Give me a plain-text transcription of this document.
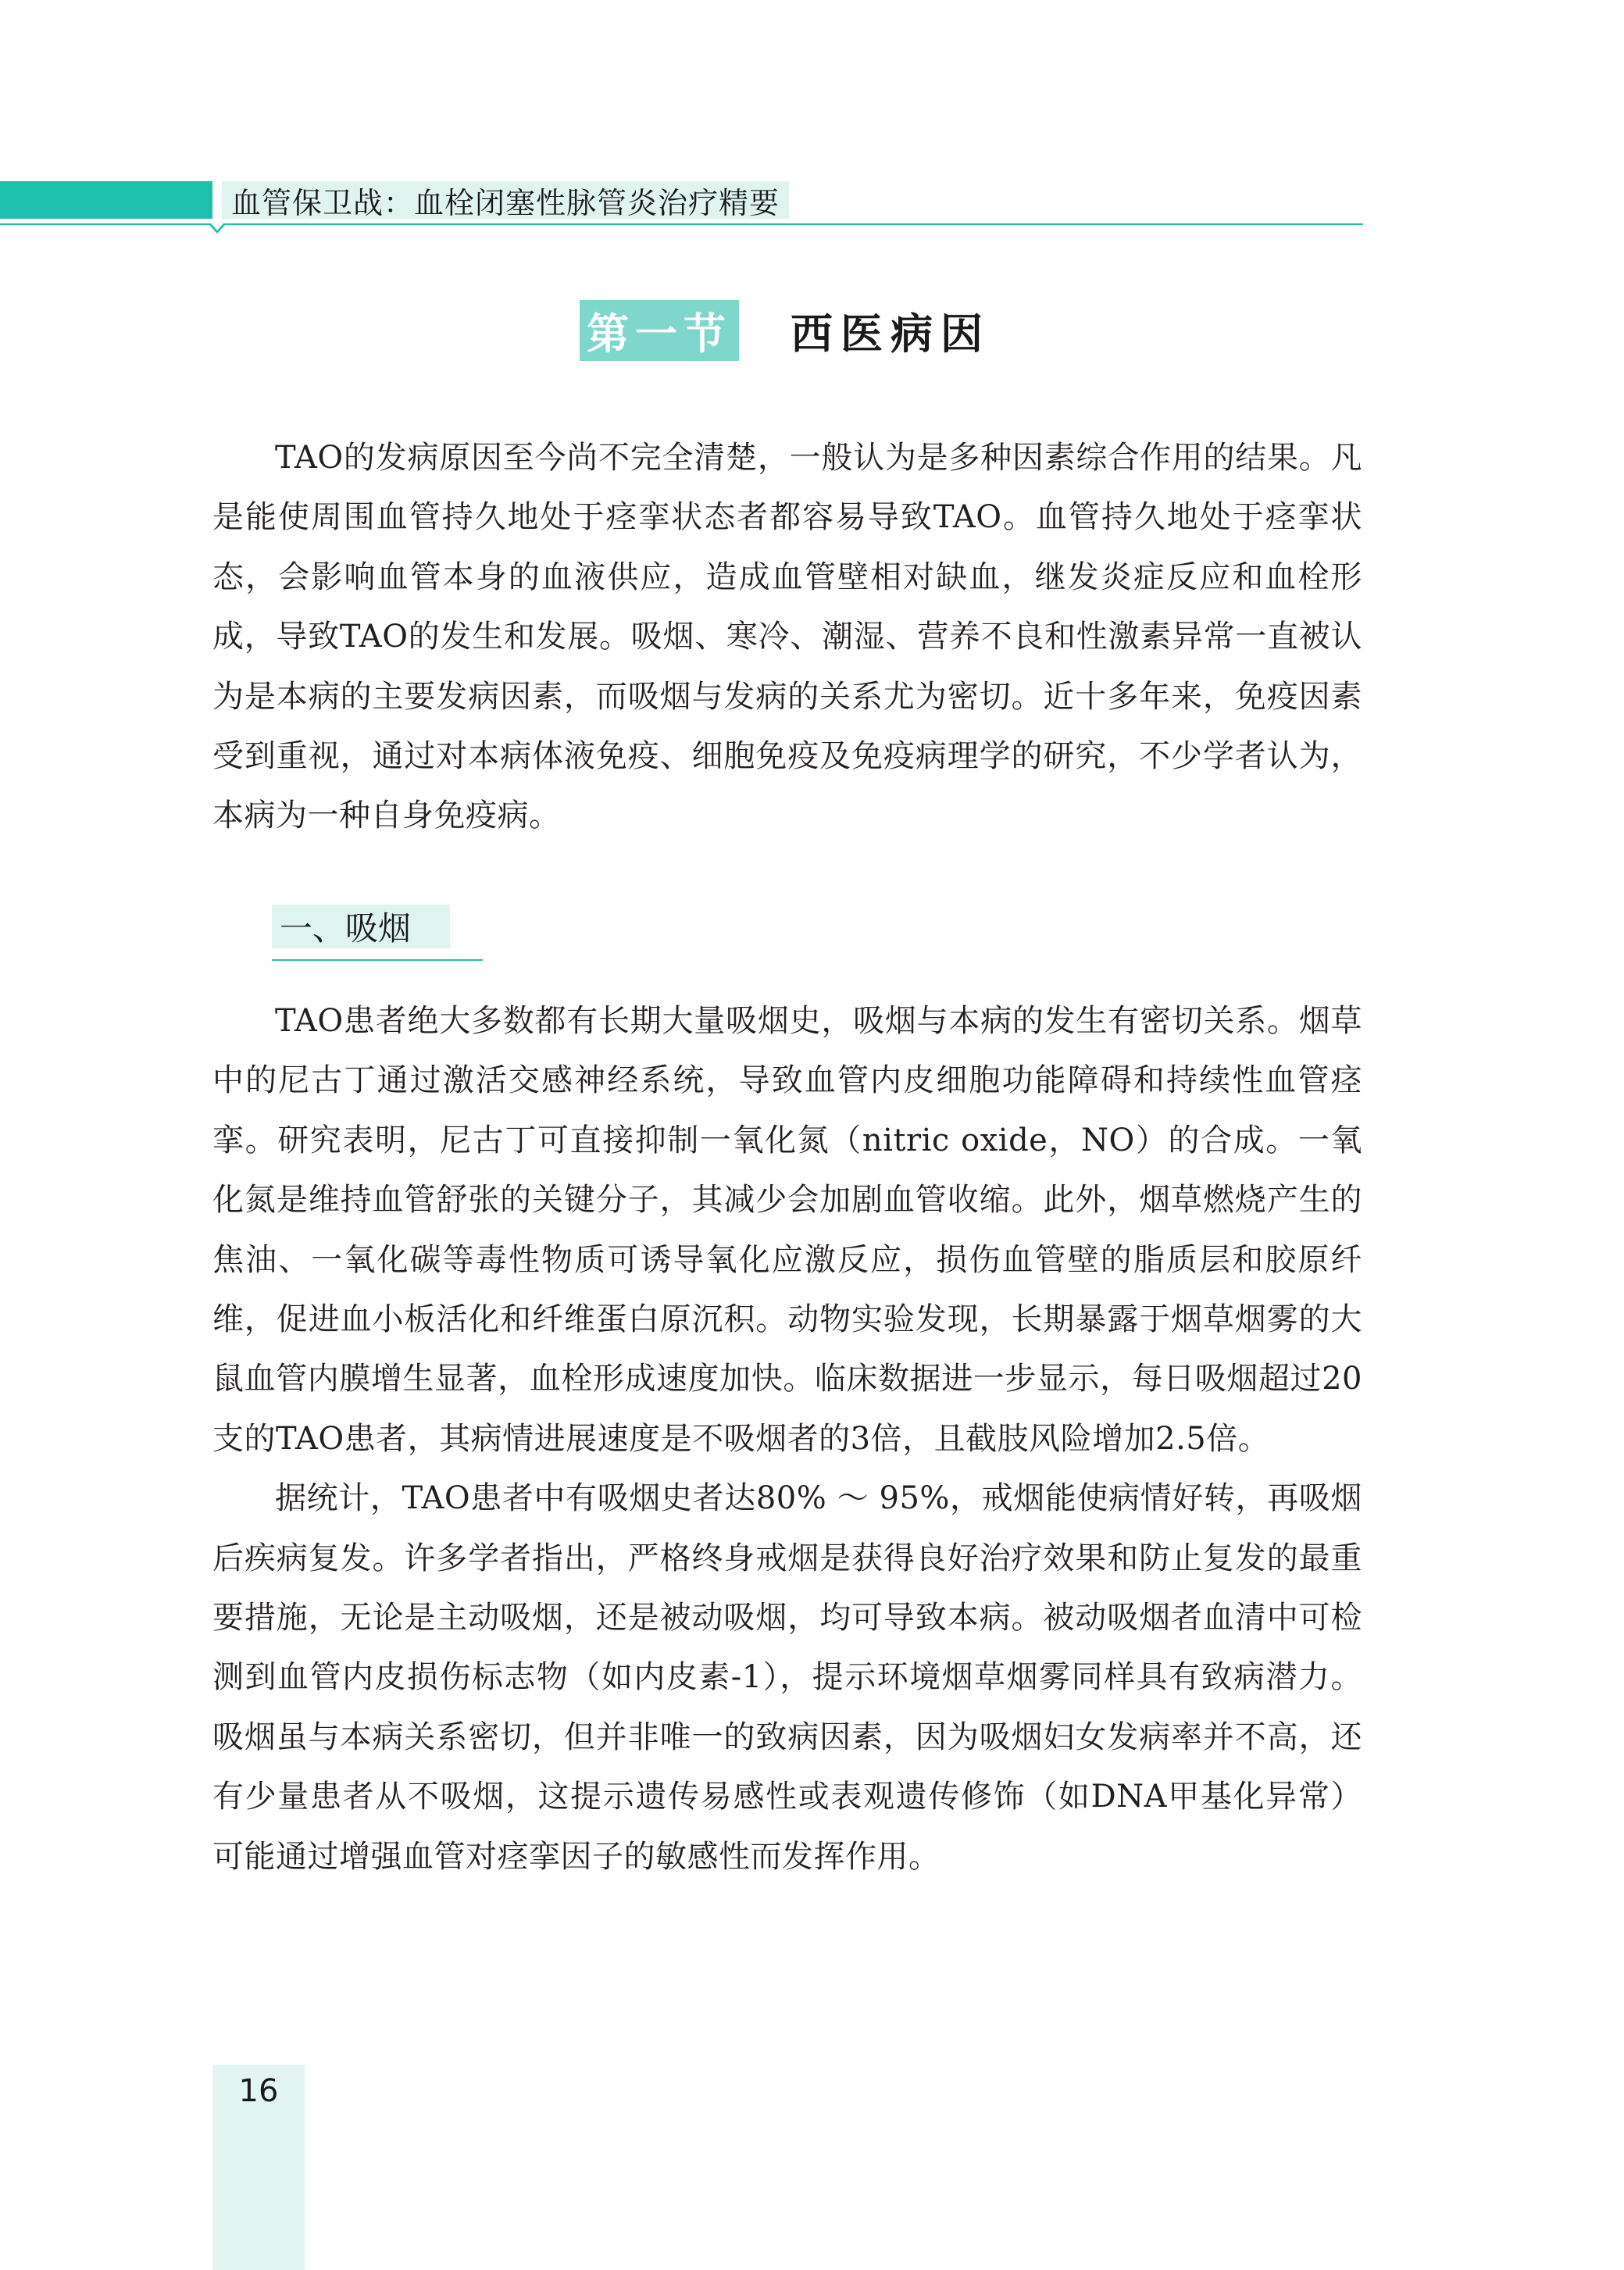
血管保卫战：血栓闭塞性脉管炎治疗精要
第一节 西医病因

TAO的发病原因至今尚不完全清楚，一般认为是多种因素综合作用的结果。凡是能使周围血管持久地处于痉挛状态者都容易导致TAO。血管持久地处于痉挛状态，会影响血管本身的血液供应，造成血管壁相对缺血，继发炎症反应和血栓形成，导致TAO的发生和发展。吸烟、寒冷、潮湿、营养不良和性激素异常一直被认为是本病的主要发病因素，而吸烟与发病的关系尤为密切。近十多年来，免疫因素受到重视，通过对本病体液免疫、细胞免疫及免疫病理学的研究，不少学者认为，本病为一种自身免疫病。

一、吸烟

TAO患者绝大多数都有长期大量吸烟史，吸烟与本病的发生有密切关系。烟草中的尼古丁通过激活交感神经系统，导致血管内皮细胞功能障碍和持续性血管痉挛。研究表明，尼古丁可直接抑制一氧化氮（nitric oxide，NO）的合成。一氧化氮是维持血管舒张的关键分子，其减少会加剧血管收缩。此外，烟草燃烧产生的焦油、一氧化碳等毒性物质可诱导氧化应激反应，损伤血管壁的脂质层和胶原纤维，促进血小板活化和纤维蛋白原沉积。动物实验发现，长期暴露于烟草烟雾的大鼠血管内膜增生显著，血栓形成速度加快。临床数据进一步显示，每日吸烟超过20支的TAO患者，其病情进展速度是不吸烟者的3倍，且截肢风险增加2.5倍。

据统计，TAO患者中有吸烟史者达80% ～ 95%，戒烟能使病情好转，再吸烟后疾病复发。许多学者指出，严格终身戒烟是获得良好治疗效果和防止复发的最重要措施，无论是主动吸烟，还是被动吸烟，均可导致本病。被动吸烟者血清中可检测到血管内皮损伤标志物（如内皮素-1），提示环境烟草烟雾同样具有致病潜力。吸烟虽与本病关系密切，但并非唯一的致病因素，因为吸烟妇女发病率并不高，还有少量患者从不吸烟，这提示遗传易感性或表观遗传修饰（如DNA甲基化异常）可能通过增强血管对痉挛因子的敏感性而发挥作用。

16
